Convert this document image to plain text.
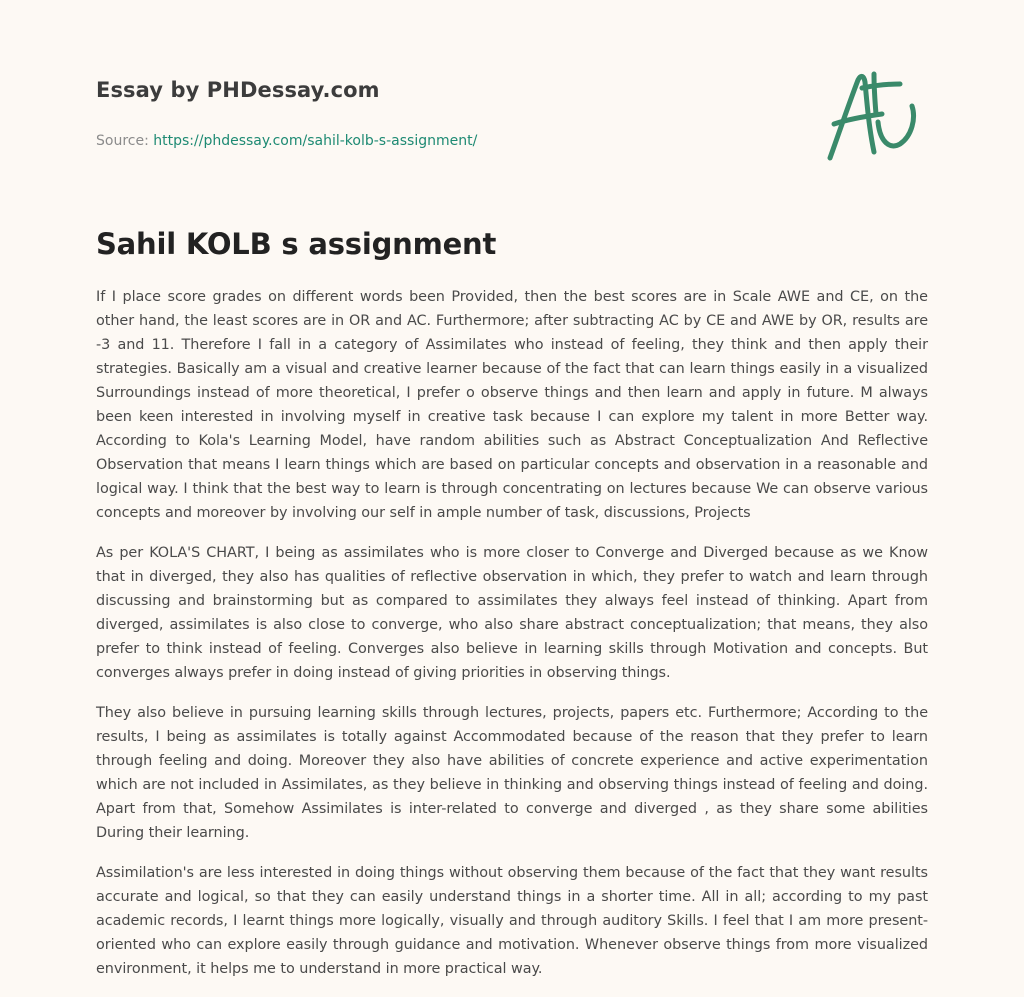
Essay by PHDessay.com
Source: https://phdessay.com/sahil-kolb-s-assignment/
Sahil KOLB s assignment

If I place score grades on different words been Provided, then the best scores are in Scale AWE and CE, on the other hand, the least scores are in OR and AC. Furthermore; after subtracting AC by CE and AWE by OR, results are -3 and 11. Therefore I fall in a category of Assimilates who instead of feeling, they think and then apply their strategies. Basically am a visual and creative learner because of the fact that can learn things easily in a visualized Surroundings instead of more theoretical, I prefer o observe things and then learn and apply in future. M always been keen interested in involving myself in creative task because I can explore my talent in more Better way. According to Kola's Learning Model, have random abilities such as Abstract Conceptualization And Reflective Observation that means I learn things which are based on particular concepts and observation in a reasonable and logical way. I think that the best way to learn is through concentrating on lectures because We can observe various concepts and moreover by involving our self in ample number of task, discussions, Projects

As per KOLA'S CHART, I being as assimilates who is more closer to Converge and Diverged because as we Know that in diverged, they also has qualities of reflective observation in which, they prefer to watch and learn through discussing and brainstorming but as compared to assimilates they always feel instead of thinking. Apart from diverged, assimilates is also close to converge, who also share abstract conceptualization; that means, they also prefer to think instead of feeling. Converges also believe in learning skills through Motivation and concepts. But converges always prefer in doing instead of giving priorities in observing things.

They also believe in pursuing learning skills through lectures, projects, papers etc. Furthermore; According to the results, I being as assimilates is totally against Accommodated because of the reason that they prefer to learn through feeling and doing. Moreover they also have abilities of concrete experience and active experimentation which are not included in Assimilates, as they believe in thinking and observing things instead of feeling and doing. Apart from that, Somehow Assimilates is inter-related to converge and diverged , as they share some abilities During their learning.

Assimilation's are less interested in doing things without observing them because of the fact that they want results accurate and logical, so that they can easily understand things in a shorter time. All in all; according to my past academic records, I learnt things more logically, visually and through auditory Skills. I feel that I am more present-oriented who can explore easily through guidance and motivation. Whenever observe things from more visualized environment, it helps me to understand in more practical way.
